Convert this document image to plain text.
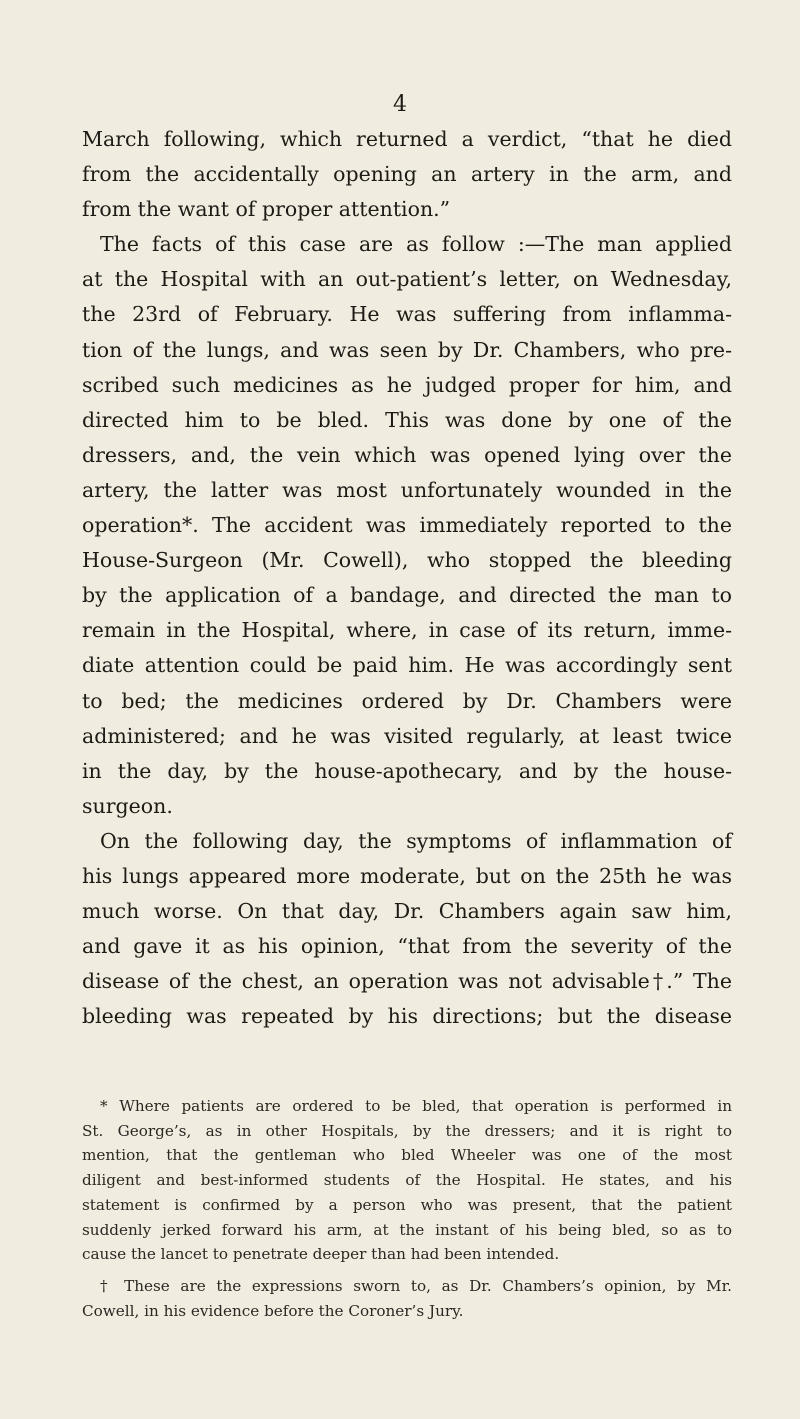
4
March following, which returned a verdict, “that he died
from the accidentally opening an artery in the arm, and
from the want of proper attention.”
The facts of this case are as follow :—The man applied
at the Hospital with an out-patient’s letter, on Wednesday,
the 23rd of February. He was suffering from inflamma-
tion of the lungs, and was seen by Dr. Chambers, who pre-
scribed such medicines as he judged proper for him, and
directed him to be bled. This was done by one of the
dressers, and, the vein which was opened lying over the
artery, the latter was most unfortunately wounded in the
operation*. The accident was immediately reported to the
House-Surgeon (Mr. Cowell), who stopped the bleeding
by the application of a bandage, and directed the man to
remain in the Hospital, where, in case of its return, imme-
diate attention could be paid him. He was accordingly sent
to bed; the medicines ordered by Dr. Chambers were
administered; and he was visited regularly, at least twice
in the day, by the house-apothecary, and by the house-
surgeon.
On the following day, the symptoms of inflammation of
his lungs appeared more moderate, but on the 25th he was
much worse. On that day, Dr. Chambers again saw him,
and gave it as his opinion, “that from the severity of the
disease of the chest, an operation was not advisable†.” The
bleeding was repeated by his directions; but the disease
* Where patients are ordered to be bled, that operation is performed in
St. George’s, as in other Hospitals, by the dressers; and it is right to
mention, that the gentleman who bled Wheeler was one of the most
diligent and best-informed students of the Hospital. He states, and his
statement is confirmed by a person who was present, that the patient
suddenly jerked forward his arm, at the instant of his being bled, so as to
cause the lancet to penetrate deeper than had been intended.
† These are the expressions sworn to, as Dr. Chambers’s opinion, by Mr.
Cowell, in his evidence before the Coroner’s Jury.
